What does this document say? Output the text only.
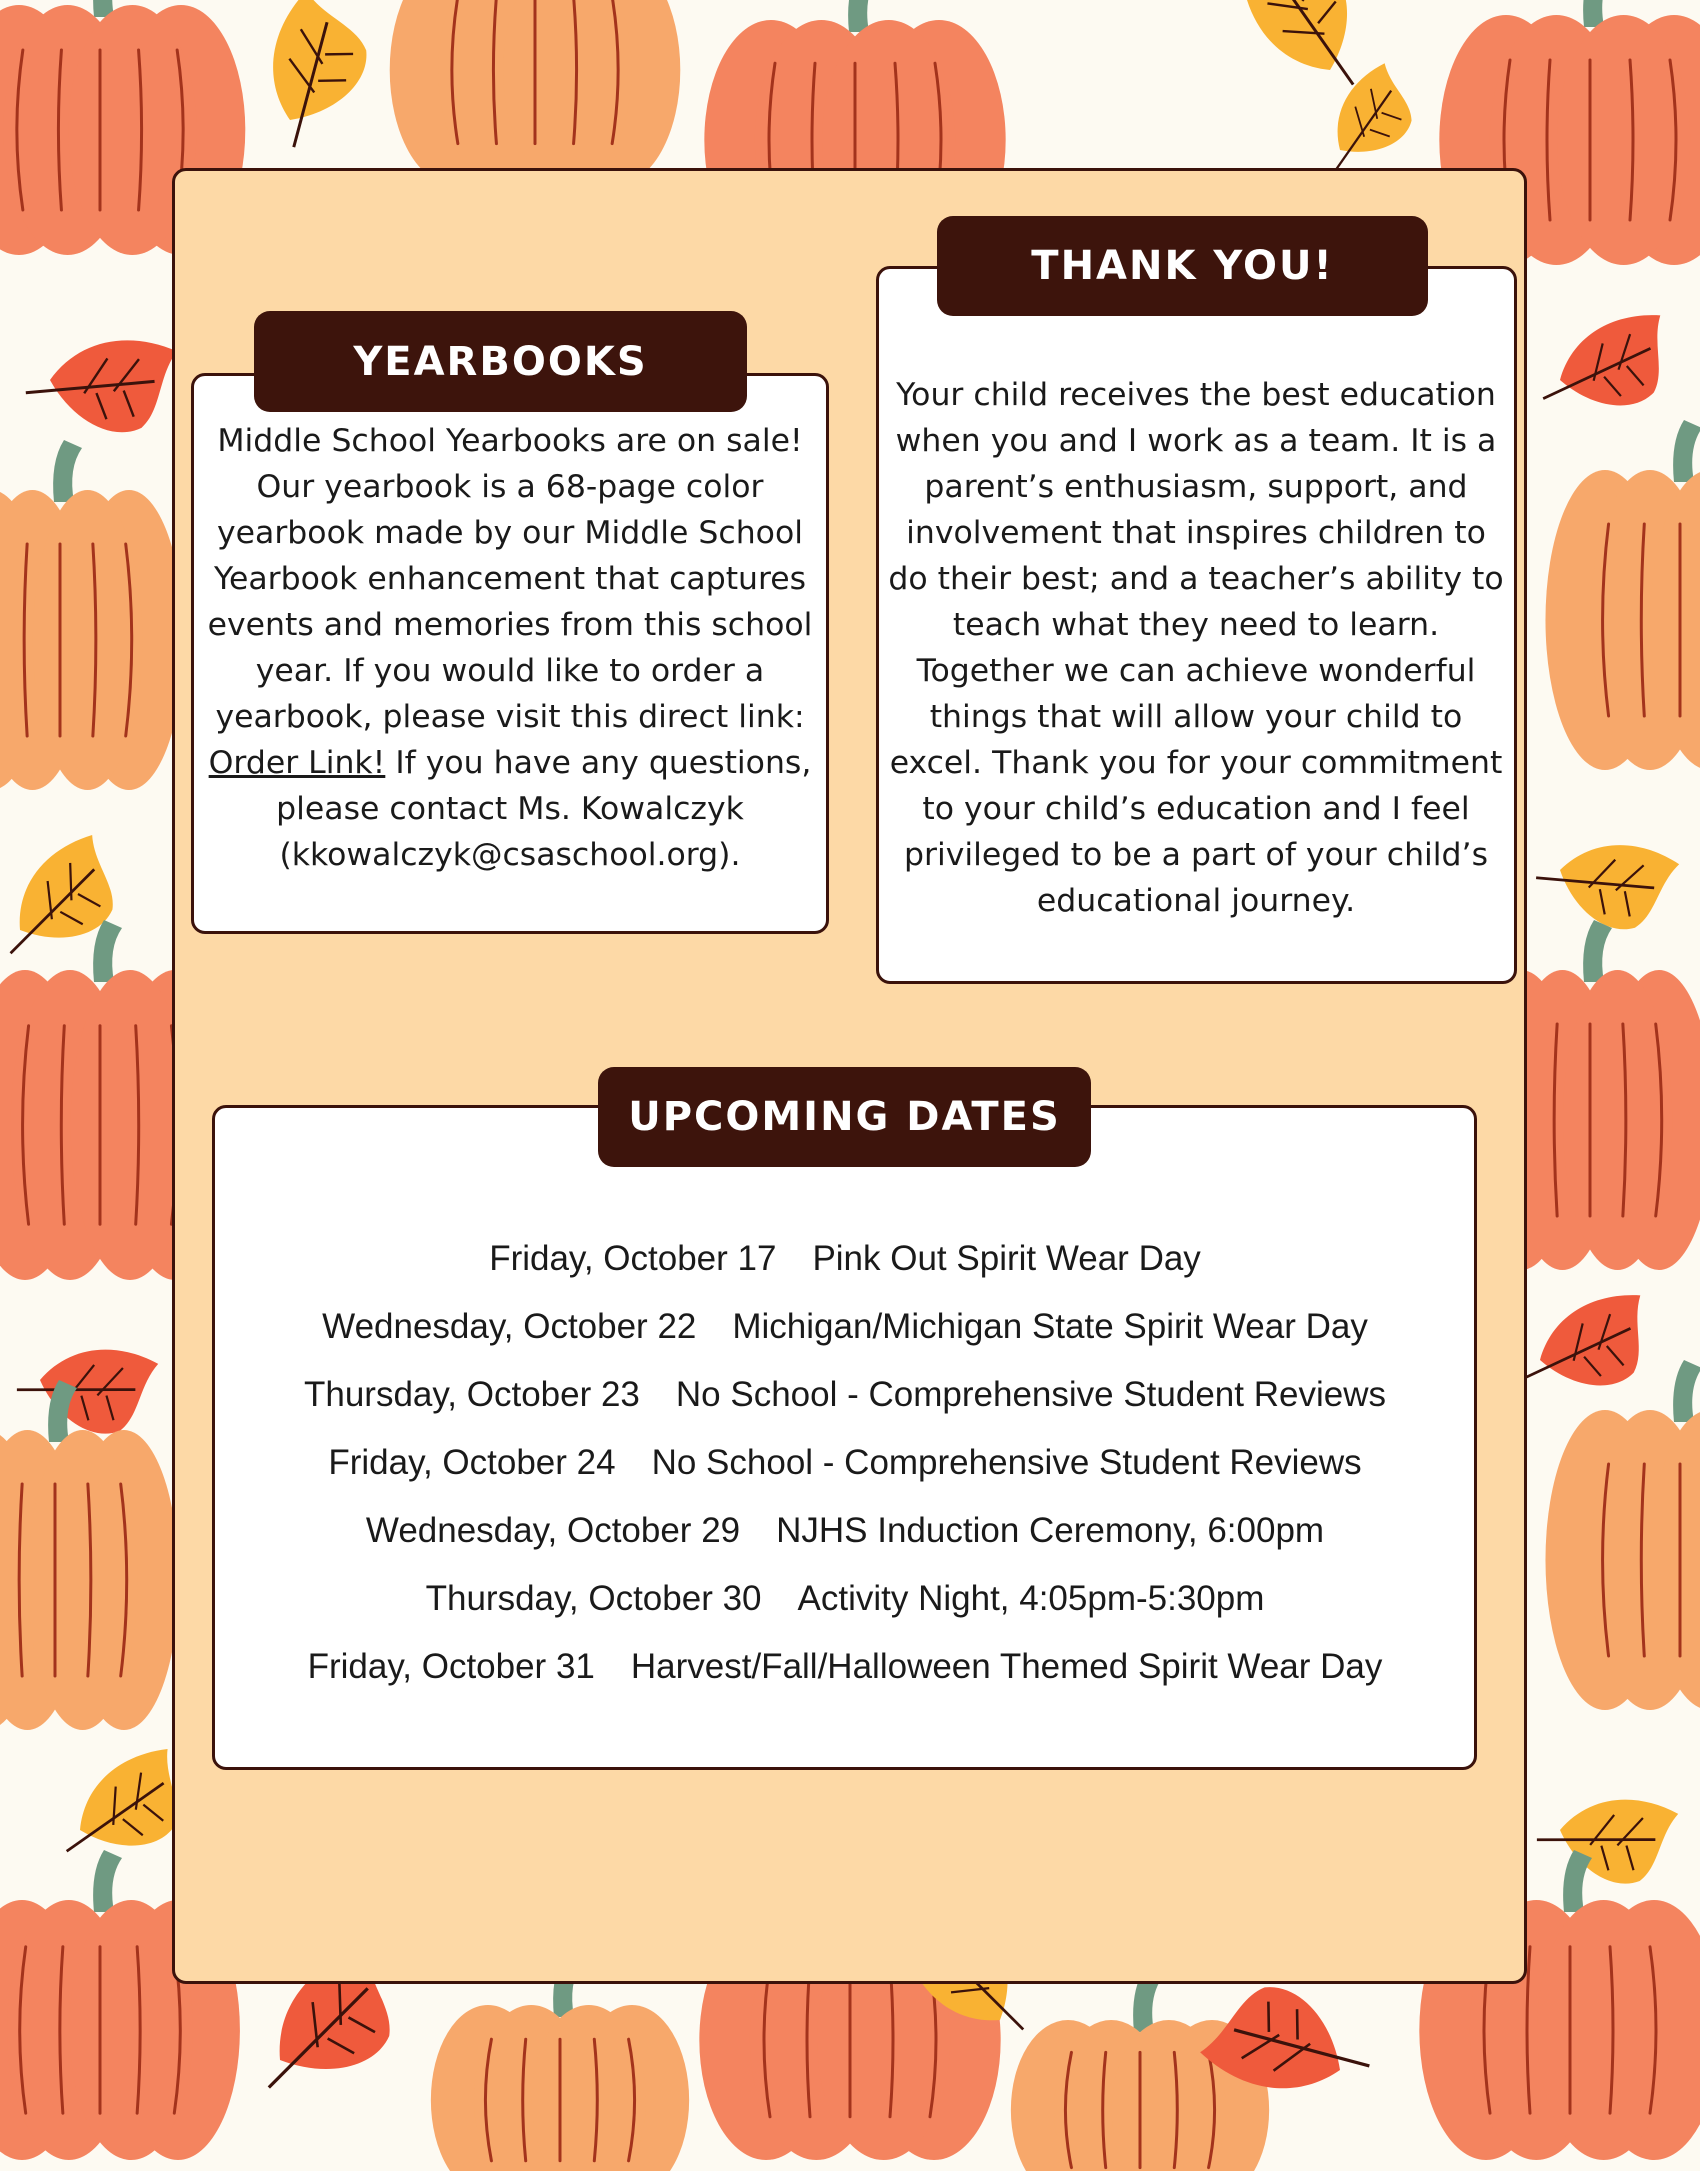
YEARBOOKS

Middle School Yearbooks are on sale! Our yearbook is a 68-page color yearbook made by our Middle School Yearbook enhancement that captures events and memories from this school year. If you would like to order a yearbook, please visit this direct link: Order Link! If you have any questions, please contact Ms. Kowalczyk (kkowalczyk@csaschool.org).

THANK YOU!

Your child receives the best education when you and I work as a team. It is a parent’s enthusiasm, support, and involvement that inspires children to do their best; and a teacher’s ability to teach what they need to learn. Together we can achieve wonderful things that will allow your child to excel. Thank you for your commitment to your child’s education and I feel privileged to be a part of your child’s educational journey.

UPCOMING DATES
Friday, October 17 Pink Out Spirit Wear Day
Wednesday, October 22 Michigan/Michigan State Spirit Wear Day
Thursday, October 23 No School - Comprehensive Student Reviews
Friday, October 24 No School - Comprehensive Student Reviews
Wednesday, October 29 NJHS Induction Ceremony, 6:00pm
Thursday, October 30 Activity Night, 4:05pm-5:30pm
Friday, October 31 Harvest/Fall/Halloween Themed Spirit Wear Day
